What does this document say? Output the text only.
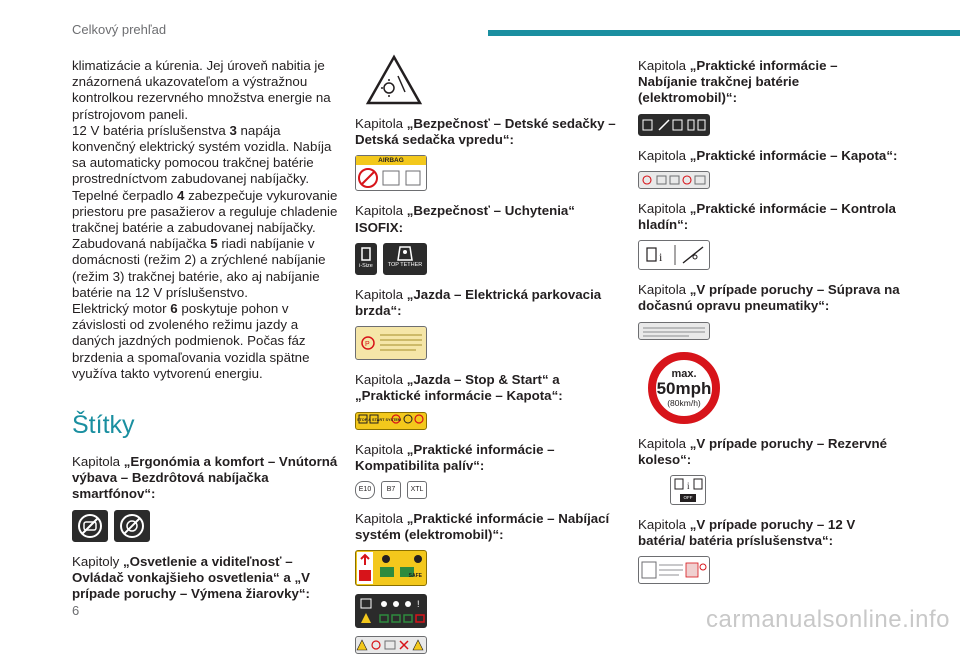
Celkový prehľad

klimatizácie a kúrenia. Jej úroveň nabitia je znázornená ukazovateľom a výstražnou kontrolkou rezervného množstva energie na prístrojovom paneli.

12 V batéria príslušenstva 3 napája konvenčný elektrický systém vozidla. Nabíja sa automaticky pomocou trakčnej batérie prostredníctvom zabudovanej nabíjačky.

Tepelné čerpadlo 4 zabezpečuje vykurovanie priestoru pre pasažierov a reguluje chladenie trakčnej batérie a zabudovanej nabíjačky.

Zabudovaná nabíjačka 5 riadi nabíjanie v domácnosti (režim 2) a zrýchlené nabíjanie (režim 3) trakčnej batérie, ako aj nabíjanie batérie na 12 V príslušenstvo.

Elektrický motor 6 poskytuje pohon v závislosti od zvoleného režimu jazdy a daných jazdných podmienok. Počas fáz brzdenia a spomaľovania vozidla spätne využíva takto vytvorenú energiu.

Štítky

Kapitola „Ergonómia a komfort – Vnútorná výbava – Bezdrôtová nabíjačka smartfónov“:

Kapitoly „Osvetlenie a viditeľnosť – Ovládač vonkajšieho osvetlenia“ a „V prípade poruchy – Výmena žiarovky“:

Kapitola „Bezpečnosť – Detské sedačky – Detská sedačka vpredu“:

AIRBAG

Kapitola „Bezpečnosť – Uchytenia“ ISOFIX:

i-Size	TOP TETHER

Kapitola „Jazda – Elektrická parkovacia brzda“:

P

Kapitola „Jazda – Stop & Start“ a „Praktické informácie – Kapota“:

STOP & START SYSTEM

Kapitola „Praktické informácie – Kompatibilita palív“:

E10	B7	XTL

Kapitola „Praktické informácie – Nabíjací systém (elektromobil)“:

SAFE
!

Kapitola „Praktické informácie – Nabíjanie trakčnej batérie (elektromobil)“:

Kapitola „Praktické informácie – Kapota“:

Kapitola „Praktické informácie – Kontrola hladín“:

i

Kapitola „V prípade poruchy – Súprava na dočasnú opravu pneumatiky“:

max.
50mph
(80km/h)

Kapitola „V prípade poruchy – Rezervné koleso“:

i
OFF

Kapitola „V prípade poruchy – 12 V batéria/ batéria príslušenstva“:

6	carmanualsonline.info
